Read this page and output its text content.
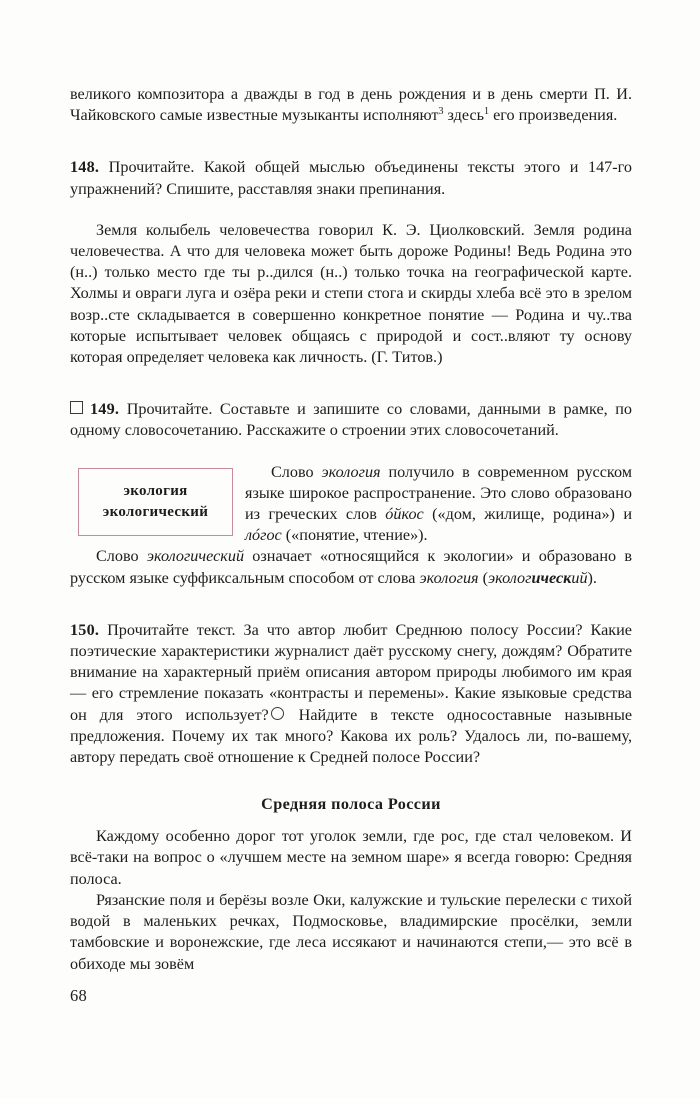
великого композитора а дважды в год в день рождения и в день смерти П. И. Чайковского самые известные музыканты исполняют$^3$ здесь$^1$ его произведения.

148. Прочитайте. Какой общей мыслью объединены тексты этого и 147-го упражнений? Спишите, расставляя знаки препинания.

Земля колыбель человечества говорил К. Э. Циолковский. Земля родина человечества. А что для человека может быть дороже Родины! Ведь Родина это (н..) только место где ты р..дился (н..) только точка на географической карте. Холмы и овраги луга и озёра реки и степи стога и скирды хлеба всё это в зрелом возр..сте складывается в совершенно конкретное понятие — Родина и чу..тва которые испытывает человек общаясь с природой и сост..вляют ту основу которая определяет человека как личность. (Г. Титов.)

149. Прочитайте. Составьте и запишите со словами, данными в рамке, по одному словосочетанию. Расскажите о строении этих словосочетаний.

экология
экологический

Слово экология получило в современном русском языке широкое распространение. Это слово образовано из греческих слов óйкос («дом, жилище, родина») и лóгос («понятие, чтение»).

Слово экологический означает «относящийся к экологии» и образовано в русском языке суффиксальным способом от слова экология (экологический).

150. Прочитайте текст. За что автор любит Среднюю полосу России? Какие поэтические характеристики журналист даёт русскому снегу, дождям? Обратите внимание на характерный приём описания автором природы любимого им края — его стремление показать «контрасты и перемены». Какие языковые средства он для этого использует? Найдите в тексте односоставные назывные предложения. Почему их так много? Какова их роль? Удалось ли, по-вашему, автору передать своё отношение к Средней полосе России?

Средняя полоса России

Каждому особенно дорог тот уголок земли, где рос, где стал человеком. И всё-таки на вопрос о «лучшем месте на земном шаре» я всегда говорю: Средняя полоса.

Рязанские поля и берёзы возле Оки, калужские и тульские перелески с тихой водой в маленьких речках, Подмосковье, владимирские просёлки, земли тамбовские и воронежские, где леса иссякают и начинаются степи,— это всё в обиходе мы зовём

68
